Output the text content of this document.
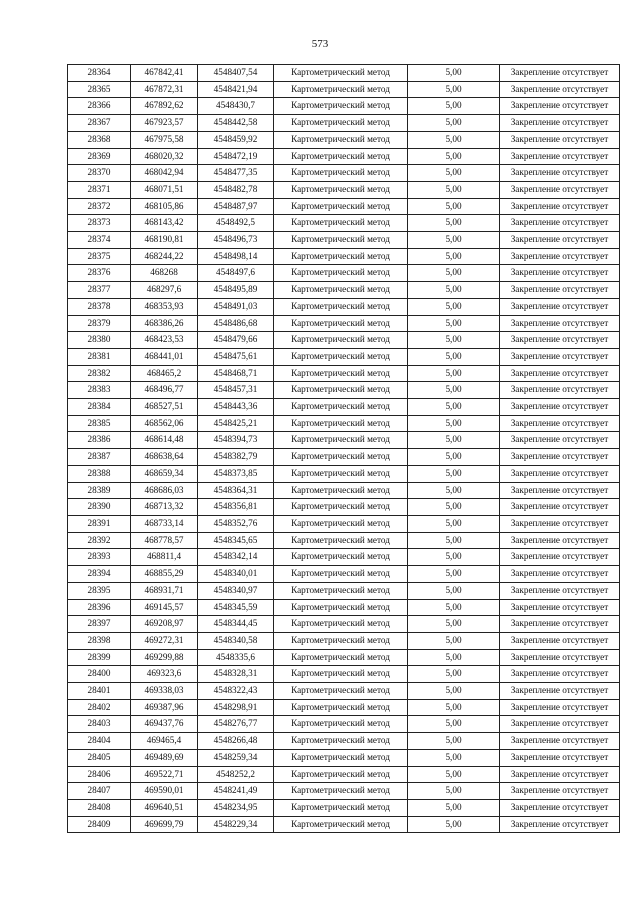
573
28364	467842,41	4548407,54	Картометрический метод	5,00	Закрепление отсутствует
28365	467872,31	4548421,94	Картометрический метод	5,00	Закрепление отсутствует
28366	467892,62	4548430,7	Картометрический метод	5,00	Закрепление отсутствует
28367	467923,57	4548442,58	Картометрический метод	5,00	Закрепление отсутствует
28368	467975,58	4548459,92	Картометрический метод	5,00	Закрепление отсутствует
28369	468020,32	4548472,19	Картометрический метод	5,00	Закрепление отсутствует
28370	468042,94	4548477,35	Картометрический метод	5,00	Закрепление отсутствует
28371	468071,51	4548482,78	Картометрический метод	5,00	Закрепление отсутствует
28372	468105,86	4548487,97	Картометрический метод	5,00	Закрепление отсутствует
28373	468143,42	4548492,5	Картометрический метод	5,00	Закрепление отсутствует
28374	468190,81	4548496,73	Картометрический метод	5,00	Закрепление отсутствует
28375	468244,22	4548498,14	Картометрический метод	5,00	Закрепление отсутствует
28376	468268	4548497,6	Картометрический метод	5,00	Закрепление отсутствует
28377	468297,6	4548495,89	Картометрический метод	5,00	Закрепление отсутствует
28378	468353,93	4548491,03	Картометрический метод	5,00	Закрепление отсутствует
28379	468386,26	4548486,68	Картометрический метод	5,00	Закрепление отсутствует
28380	468423,53	4548479,66	Картометрический метод	5,00	Закрепление отсутствует
28381	468441,01	4548475,61	Картометрический метод	5,00	Закрепление отсутствует
28382	468465,2	4548468,71	Картометрический метод	5,00	Закрепление отсутствует
28383	468496,77	4548457,31	Картометрический метод	5,00	Закрепление отсутствует
28384	468527,51	4548443,36	Картометрический метод	5,00	Закрепление отсутствует
28385	468562,06	4548425,21	Картометрический метод	5,00	Закрепление отсутствует
28386	468614,48	4548394,73	Картометрический метод	5,00	Закрепление отсутствует
28387	468638,64	4548382,79	Картометрический метод	5,00	Закрепление отсутствует
28388	468659,34	4548373,85	Картометрический метод	5,00	Закрепление отсутствует
28389	468686,03	4548364,31	Картометрический метод	5,00	Закрепление отсутствует
28390	468713,32	4548356,81	Картометрический метод	5,00	Закрепление отсутствует
28391	468733,14	4548352,76	Картометрический метод	5,00	Закрепление отсутствует
28392	468778,57	4548345,65	Картометрический метод	5,00	Закрепление отсутствует
28393	468811,4	4548342,14	Картометрический метод	5,00	Закрепление отсутствует
28394	468855,29	4548340,01	Картометрический метод	5,00	Закрепление отсутствует
28395	468931,71	4548340,97	Картометрический метод	5,00	Закрепление отсутствует
28396	469145,57	4548345,59	Картометрический метод	5,00	Закрепление отсутствует
28397	469208,97	4548344,45	Картометрический метод	5,00	Закрепление отсутствует
28398	469272,31	4548340,58	Картометрический метод	5,00	Закрепление отсутствует
28399	469299,88	4548335,6	Картометрический метод	5,00	Закрепление отсутствует
28400	469323,6	4548328,31	Картометрический метод	5,00	Закрепление отсутствует
28401	469338,03	4548322,43	Картометрический метод	5,00	Закрепление отсутствует
28402	469387,96	4548298,91	Картометрический метод	5,00	Закрепление отсутствует
28403	469437,76	4548276,77	Картометрический метод	5,00	Закрепление отсутствует
28404	469465,4	4548266,48	Картометрический метод	5,00	Закрепление отсутствует
28405	469489,69	4548259,34	Картометрический метод	5,00	Закрепление отсутствует
28406	469522,71	4548252,2	Картометрический метод	5,00	Закрепление отсутствует
28407	469590,01	4548241,49	Картометрический метод	5,00	Закрепление отсутствует
28408	469640,51	4548234,95	Картометрический метод	5,00	Закрепление отсутствует
28409	469699,79	4548229,34	Картометрический метод	5,00	Закрепление отсутствует
